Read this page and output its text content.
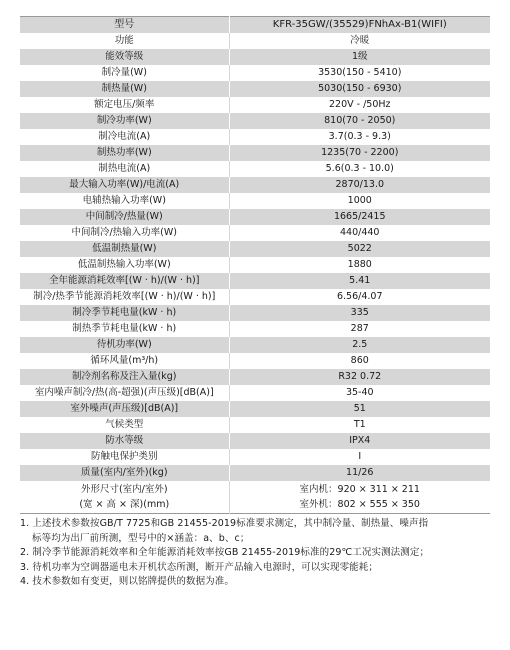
型号	KFR-35GW/(35529)FNhAx-B1(WIFI)
功能	冷暖
能效等级	1级
制冷量(W)	3530(150 - 5410)
制热量(W)	5030(150 - 6930)
额定电压/频率	220V - /50Hz
制冷功率(W)	810(70 - 2050)
制冷电流(A)	3.7(0.3 - 9.3)
制热功率(W)	1235(70 - 2200)
制热电流(A)	5.6(0.3 - 10.0)
最大输入功率(W)/电流(A)	2870/13.0
电辅热输入功率(W)	1000
中间制冷/热量(W)	1665/2415
中间制冷/热输入功率(W)	440/440
低温制热量(W)	5022
低温制热输入功率(W)	1880
全年能源消耗效率[(W · h)/(W · h)]	5.41
制冷/热季节能源消耗效率[(W · h)/(W · h)]	6.56/4.07
制冷季节耗电量(kW · h)	335
制热季节耗电量(kW · h)	287
待机功率(W)	2.5
循环风量(m³/h)	860
制冷剂名称及注入量(kg)	R32 0.72
室内噪声制冷/热(高-超强)(声压级)[dB(A)]	35-40
室外噪声(声压级)[dB(A)]	51
气候类型	T1
防水等级	IPX4
防触电保护类别	I
质量(室内/室外)(kg)	11/26

外形尺寸(室内/室外)
(宽 × 高 × 深)(mm)	室内机：920 × 311 × 211
室外机：802 × 555 × 350
1. 上述技术参数按GB/T 7725和GB 21455-2019标准要求测定，其中制冷量、制热量、噪声指
标等均为出厂前所测，型号中的×涵盖：a、b、c；
2. 制冷季节能源消耗效率和全年能源消耗效率按GB 21455-2019标准的29℃工况实测法测定；
3. 待机功率为空调器遥电未开机状态所测，断开产品输入电源时，可以实现零能耗；
4. 技术参数如有变更，则以铭牌提供的数据为准。
